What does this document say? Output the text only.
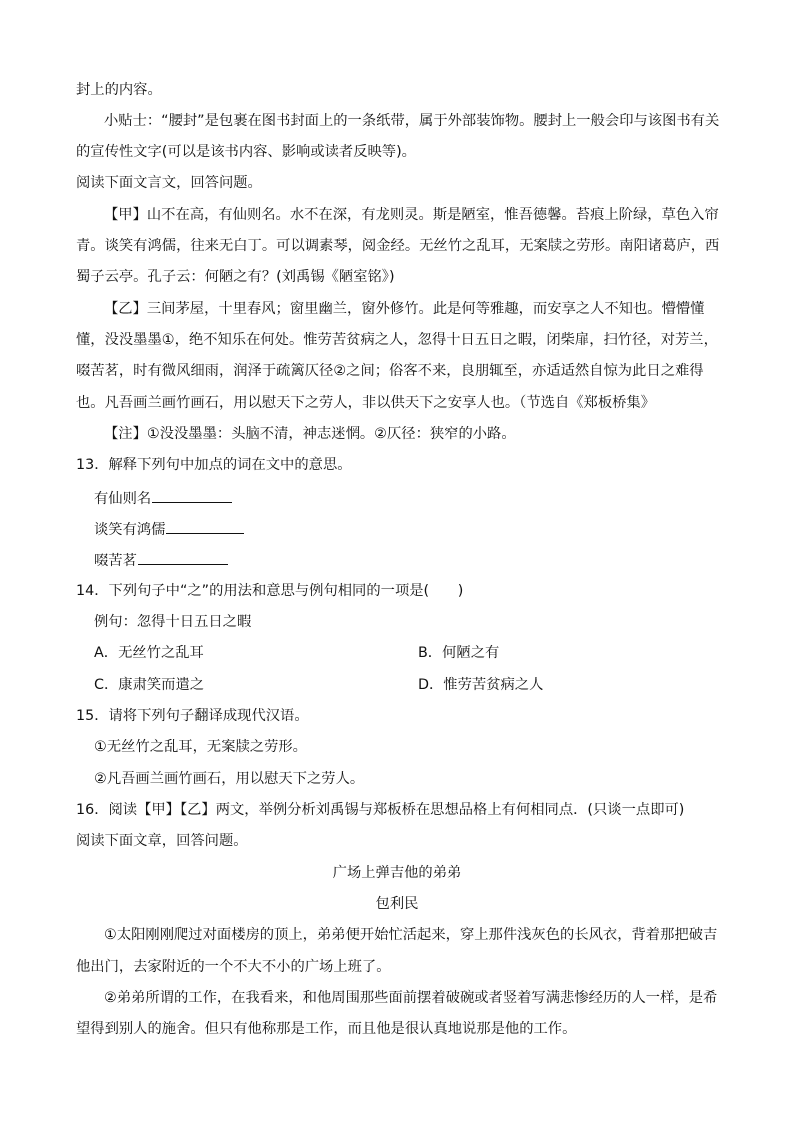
封上的内容。
小贴士：“腰封”是包裹在图书封面上的一条纸带，属于外部装饰物。腰封上一般会印与该图书有关
的宣传性文字(可以是该书内容、影响或读者反映等)。
阅读下面文言文，回答问题。
【甲】山不在高，有仙则名。水不在深，有龙则灵。斯是陋室，惟吾德馨。苔痕上阶绿，草色入帘
青。谈笑有鸿儒，往来无白丁。可以调素琴，阅金经。无丝竹之乱耳，无案牍之劳形。南阳诸葛庐，西
蜀子云亭。孔子云：何陋之有？(刘禹锡《陋室铭》)
【乙】三间茅屋，十里春风；窗里幽兰，窗外修竹。此是何等雅趣，而安享之人不知也。懵懵懂
懂，没没墨墨①，绝不知乐在何处。惟劳苦贫病之人，忽得十日五日之暇，闭柴扉，扫竹径，对芳兰，
啜苦茗，时有微风细雨，润泽于疏篱仄径②之间；俗客不来，良朋辄至，亦适适然自惊为此日之难得
也。凡吾画兰画竹画石，用以慰天下之劳人，非以供天下之安享人也。（节选自《郑板桥集》
【注】①没没墨墨：头脑不清，神志迷惘。②仄径：狭窄的小路。
13．解释下列句中加点的词在文中的意思。
有仙则名
谈笑有鸿儒
啜苦茗
14．下列句子中“之”的用法和意思与例句相同的一项是(　　)
例句：忽得十日五日之暇
A．无丝竹之乱耳	B．何陋之有
C．康肃笑而遣之	D．惟劳苦贫病之人
15．请将下列句子翻译成现代汉语。
①无丝竹之乱耳，无案牍之劳形。
②凡吾画兰画竹画石，用以慰天下之劳人。
16．阅读【甲】【乙】两文，举例分析刘禹锡与郑板桥在思想品格上有何相同点．(只谈一点即可)
阅读下面文章，回答问题。
广场上弹吉他的弟弟
包利民
①太阳刚刚爬过对面楼房的顶上，弟弟便开始忙活起来，穿上那件浅灰色的长风衣，背着那把破吉
他出门，去家附近的一个不大不小的广场上班了。
②弟弟所谓的工作，在我看来，和他周围那些面前摆着破碗或者竖着写满悲惨经历的人一样，是希
望得到别人的施舍。但只有他称那是工作，而且他是很认真地说那是他的工作。
